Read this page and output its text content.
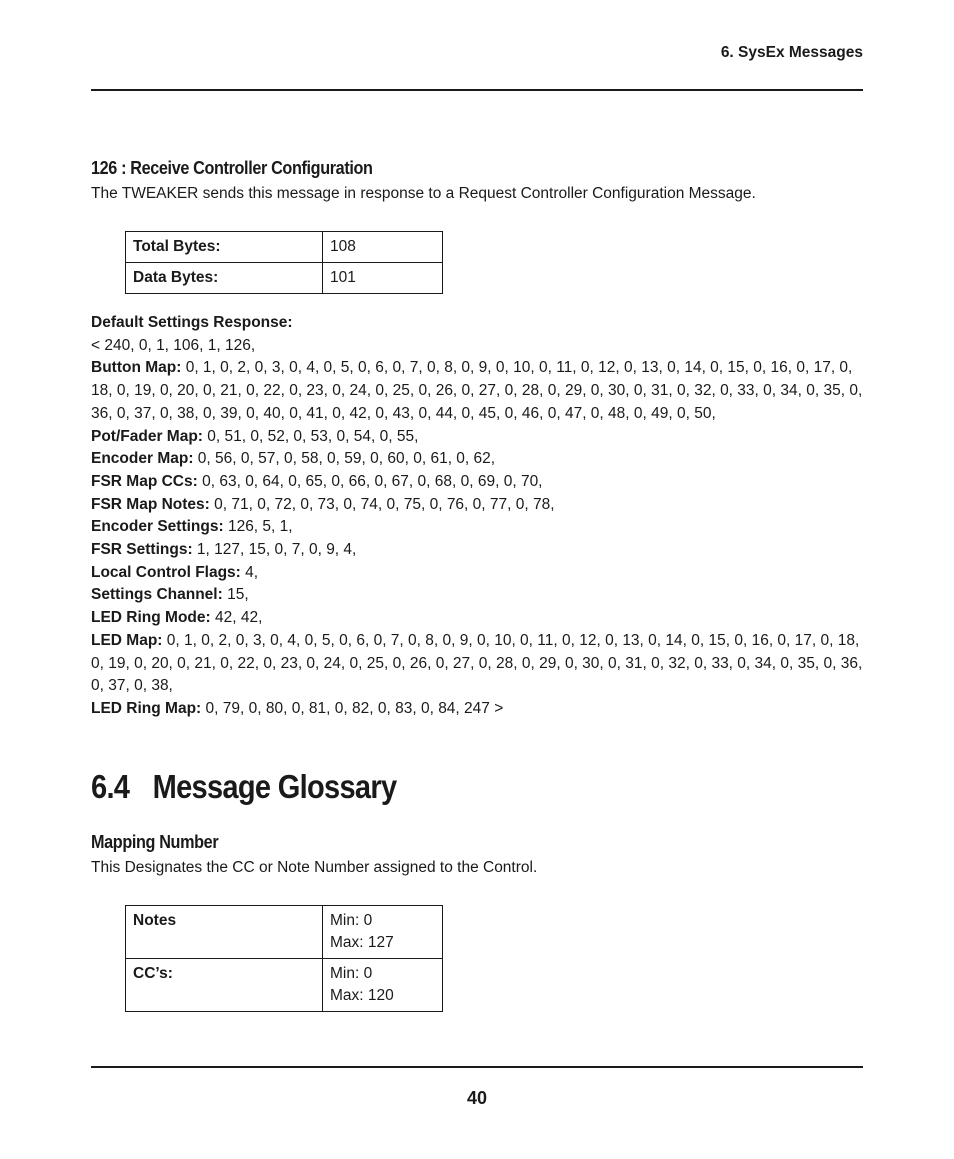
6. SysEx Messages
126 : Receive Controller Configuration
The TWEAKER sends this message in response to a Request Controller Configuration Message.
Total Bytes:	108
Data Bytes:	101
Default Settings Response:
< 240, 0, 1, 106, 1, 126,
Button Map: 0, 1, 0, 2, 0, 3, 0, 4, 0, 5, 0, 6, 0, 7, 0, 8, 0, 9, 0, 10, 0, 11, 0, 12, 0, 13, 0, 14, 0, 15, 0, 16, 0, 17, 0, 18, 0, 19, 0, 20, 0, 21, 0, 22, 0, 23, 0, 24, 0, 25, 0, 26, 0, 27, 0, 28, 0, 29, 0, 30, 0, 31, 0, 32, 0, 33, 0, 34, 0, 35, 0, 36, 0, 37, 0, 38, 0, 39, 0, 40, 0, 41, 0, 42, 0, 43, 0, 44, 0, 45, 0, 46, 0, 47, 0, 48, 0, 49, 0, 50,
Pot/Fader Map: 0, 51, 0, 52, 0, 53, 0, 54, 0, 55,
Encoder Map: 0, 56, 0, 57, 0, 58, 0, 59, 0, 60, 0, 61, 0, 62,
FSR Map CCs: 0, 63, 0, 64, 0, 65, 0, 66, 0, 67, 0, 68, 0, 69, 0, 70,
FSR Map Notes: 0, 71, 0, 72, 0, 73, 0, 74, 0, 75, 0, 76, 0, 77, 0, 78,
Encoder Settings: 126, 5, 1,
FSR Settings: 1, 127, 15, 0, 7, 0, 9, 4,
Local Control Flags: 4,
Settings Channel: 15,
LED Ring Mode: 42, 42,
LED Map: 0, 1, 0, 2, 0, 3, 0, 4, 0, 5, 0, 6, 0, 7, 0, 8, 0, 9, 0, 10, 0, 11, 0, 12, 0, 13, 0, 14, 0, 15, 0, 16, 0, 17, 0, 18, 0, 19, 0, 20, 0, 21, 0, 22, 0, 23, 0, 24, 0, 25, 0, 26, 0, 27, 0, 28, 0, 29, 0, 30, 0, 31, 0, 32, 0, 33, 0, 34, 0, 35, 0, 36, 0, 37, 0, 38,
LED Ring Map: 0, 79, 0, 80, 0, 81, 0, 82, 0, 83, 0, 84, 247 >
6.4 Message Glossary
Mapping Number
This Designates the CC or Note Number assigned to the Control.
Notes	Min: 0
Max: 127

CC’s:	Min: 0
Max: 120
40
